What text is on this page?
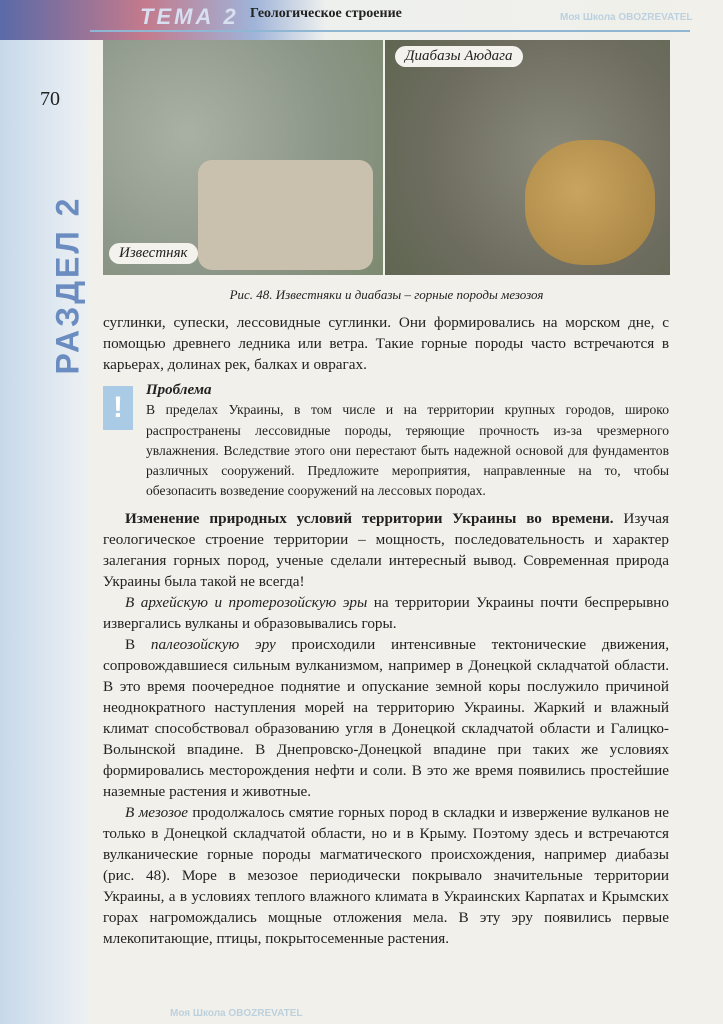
ТЕМА 2 Геологическое строение
70
РАЗДЕЛ 2	Известняк
Диабазы Аюдага
Рис. 48. Известняки и диабазы – горные породы мезозоя

суглинки, супески, лессовидные суглинки. Они формировались на морском дне, с помощью древнего ледника или ветра. Такие горные породы часто встречаются в карьерах, долинах рек, балках и оврагах.

!
Проблема

В пределах Украины, в том числе и на территории крупных городов, широко распространены лессовидные породы, теряющие прочность из-за чрезмерного увлажнения. Вследствие этого они перестают быть надежной основой для фундаментов различных сооружений. Предложите мероприятия, направленные на то, чтобы обезопасить возведение сооружений на лессовых породах.

Изменение природных условий территории Украины во времени. Изучая геологическое строение территории – мощность, последовательность и характер залегания горных пород, ученые сделали интересный вывод. Современная природа Украины была такой не всегда!

В архейскую и протерозойскую эры на территории Украины почти беспрерывно извергались вулканы и образовывались горы.

В палеозойскую эру происходили интенсивные тектонические движения, сопровождавшиеся сильным вулканизмом, например в Донецкой складчатой области. В это время поочередное поднятие и опускание земной коры послужило причиной неоднократного наступления морей на территорию Украины. Жаркий и влажный климат способствовал образованию угля в Донецкой складчатой области и Галицко-Волынской впадине. В Днепровско-Донецкой впадине при таких же условиях формировались месторождения нефти и соли. В это же время появились простейшие наземные растения и животные.

В мезозое продолжалось смятие горных пород в складки и извержение вулканов не только в Донецкой складчатой области, но и в Крыму. Поэтому здесь и встречаются вулканические горные породы магматического происхождения, например диабазы (рис. 48). Море в мезозое периодически покрывало значительные территории Украины, а в условиях теплого влажного климата в Украинских Карпатах и Крымских горах нагромождались мощные отложения мела. В эту эру появились первые млекопитающие, птицы, покрытосеменные растения.

Моя Школа OBOZREVATEL
Моя Школа OBOZREVATEL
